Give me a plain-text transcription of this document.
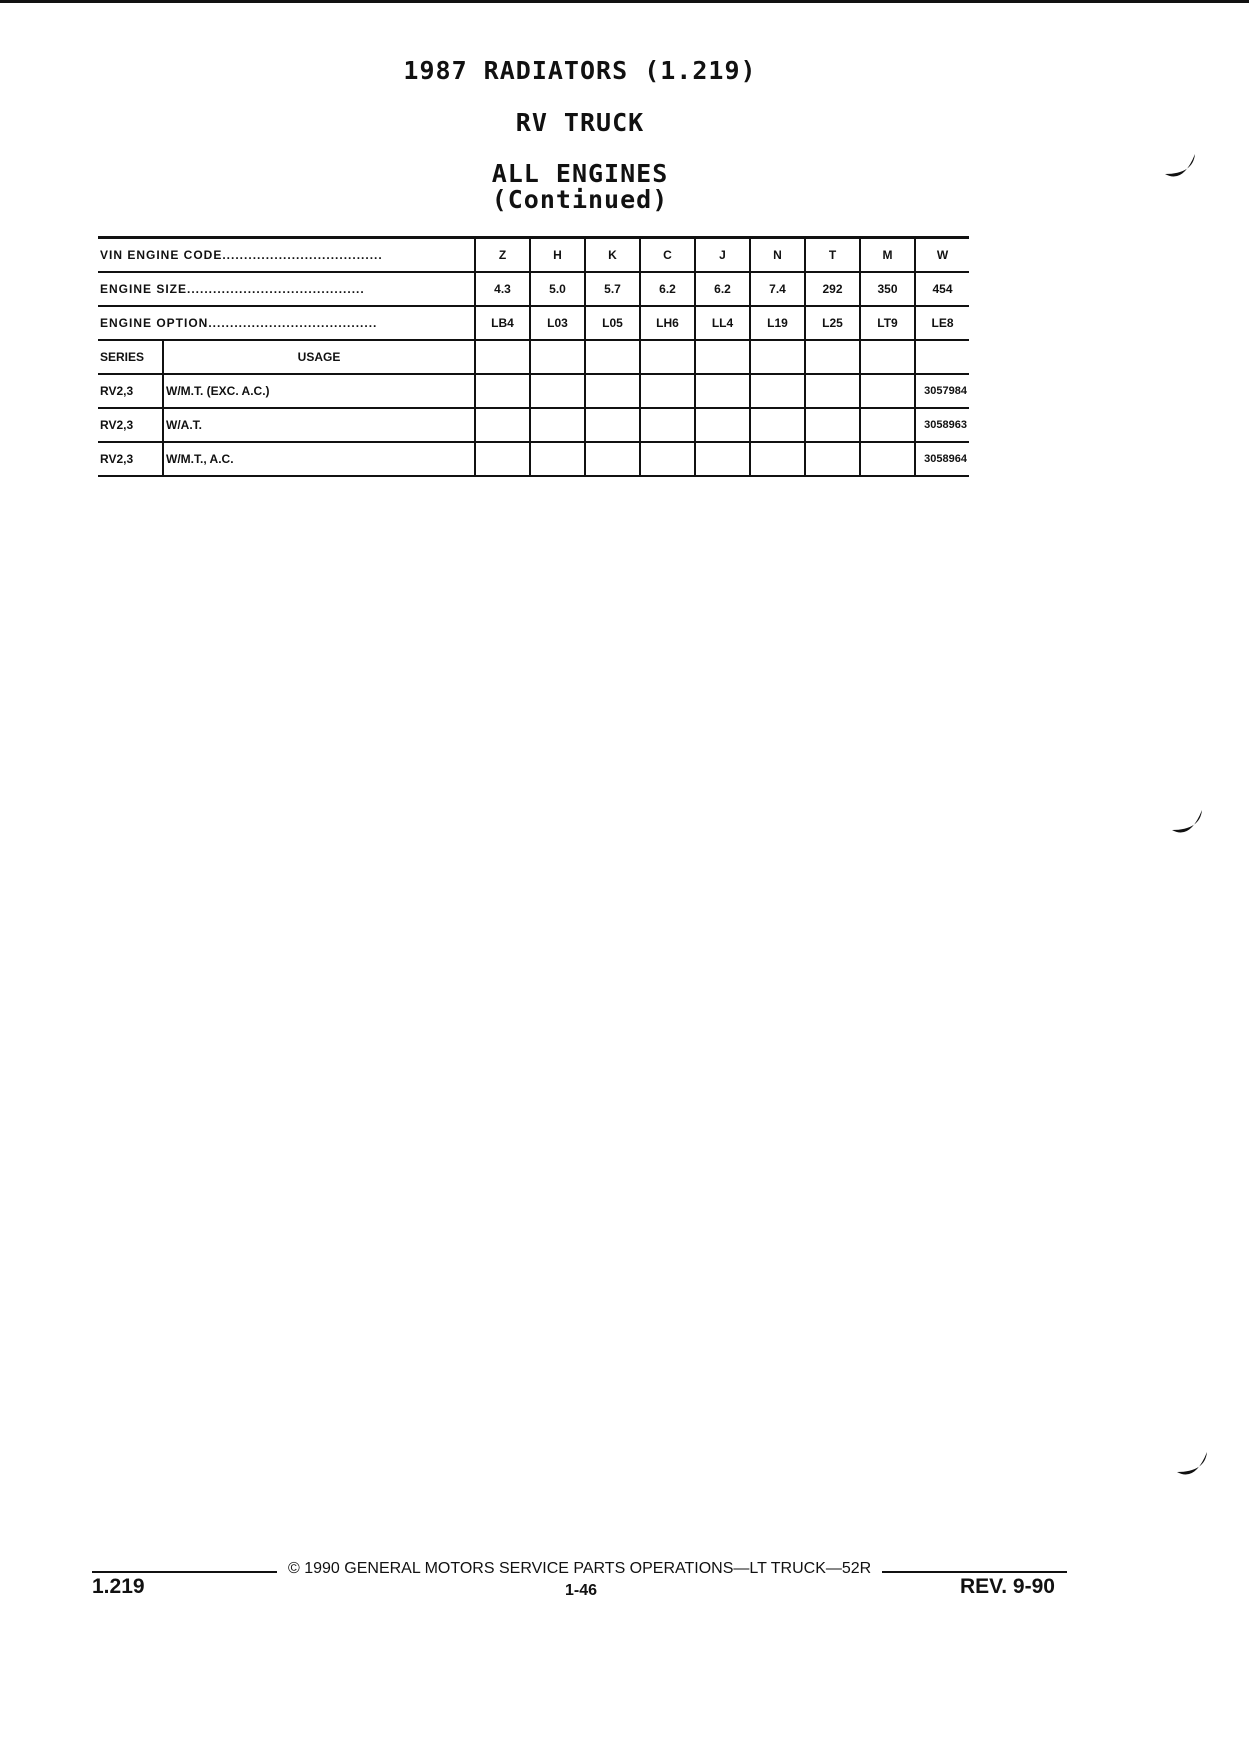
1987 RADIATORS (1.219)
RV TRUCK
ALL ENGINES
(Continued)
VIN ENGINE CODE.....................................		Z	H	K	C	J	N	T	M	W
ENGINE SIZE.........................................		4.3	5.0	5.7	6.2	6.2	7.4	292	350	454
ENGINE OPTION.......................................		LB4	L03	L05	LH6	LL4	L19	L25	LT9	LE8
SERIES	USAGE									
RV2,3	W/M.T. (EXC. A.C.)									3057984
RV2,3	W/A.T.									3058963
RV2,3	W/M.T., A.C.									3058964
© 1990 GENERAL MOTORS SERVICE PARTS OPERATIONS—LT TRUCK—52R
1.219	1-46	REV. 9-90
